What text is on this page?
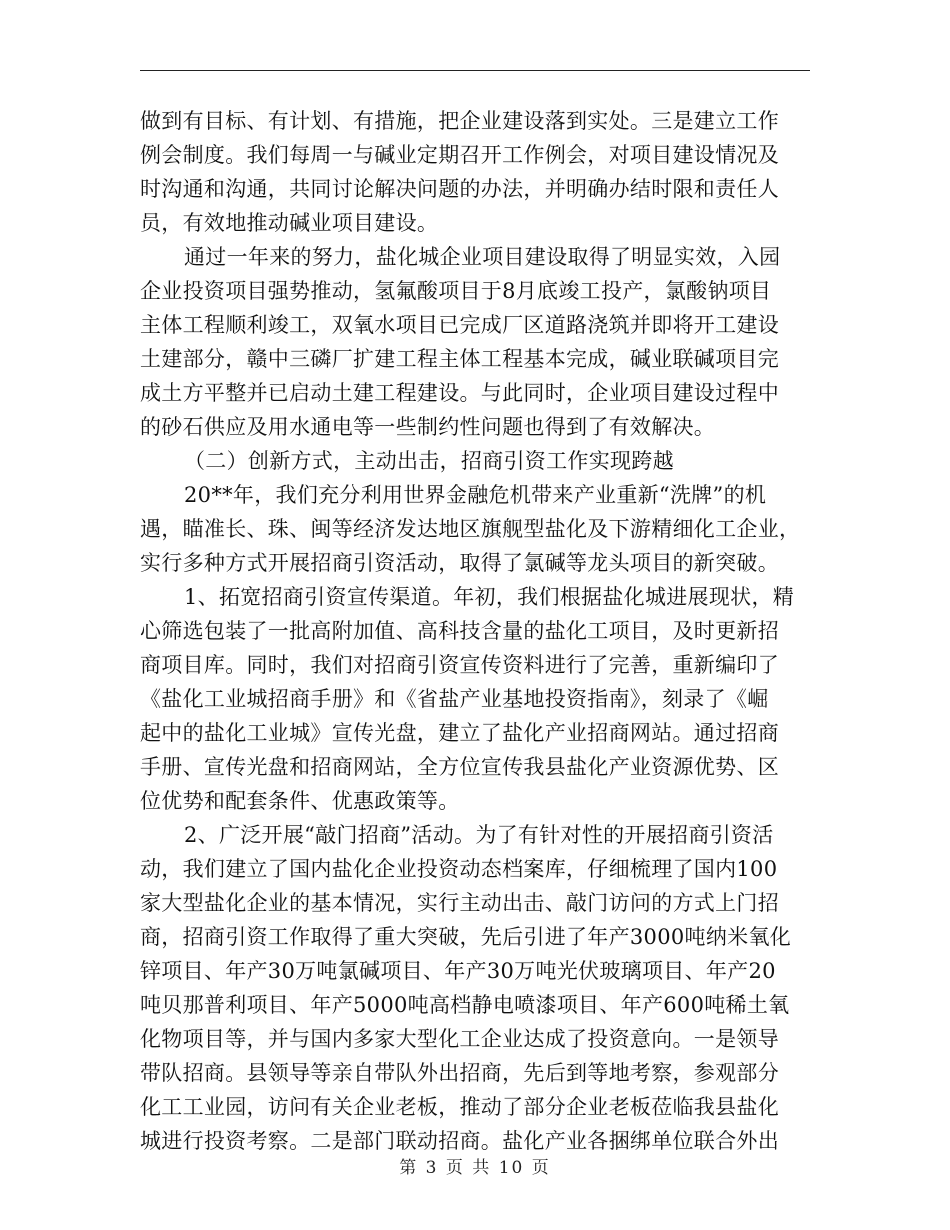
做到有目标、有计划、有措施，把企业建设落到实处。三是建立工作

例会制度。我们每周一与碱业定期召开工作例会，对项目建设情况及

时沟通和沟通，共同讨论解决问题的办法，并明确办结时限和责任人

员，有效地推动碱业项目建设。

通过一年来的努力，盐化城企业项目建设取得了明显实效，入园

企业投资项目强势推动，氢氟酸项目于8月底竣工投产，氯酸钠项目

主体工程顺利竣工，双氧水项目已完成厂区道路浇筑并即将开工建设

土建部分，赣中三磷厂扩建工程主体工程基本完成，碱业联碱项目完

成土方平整并已启动土建工程建设。与此同时，企业项目建设过程中

的砂石供应及用水通电等一些制约性问题也得到了有效解决。

（二）创新方式，主动出击，招商引资工作实现跨越

20**年，我们充分利用世界金融危机带来产业重新“洗牌”的机

遇，瞄准长、珠、闽等经济发达地区旗舰型盐化及下游精细化工企业，

实行多种方式开展招商引资活动，取得了氯碱等龙头项目的新突破。

1、拓宽招商引资宣传渠道。年初，我们根据盐化城进展现状，精

心筛选包装了一批高附加值、高科技含量的盐化工项目，及时更新招

商项目库。同时，我们对招商引资宣传资料进行了完善，重新编印了

《盐化工业城招商手册》和《省盐产业基地投资指南》，刻录了《崛

起中的盐化工业城》宣传光盘，建立了盐化产业招商网站。通过招商

手册、宣传光盘和招商网站，全方位宣传我县盐化产业资源优势、区

位优势和配套条件、优惠政策等。

2、广泛开展“敲门招商”活动。为了有针对性的开展招商引资活

动，我们建立了国内盐化企业投资动态档案库，仔细梳理了国内100

家大型盐化企业的基本情况，实行主动出击、敲门访问的方式上门招

商，招商引资工作取得了重大突破，先后引进了年产3000吨纳米氧化

锌项目、年产30万吨氯碱项目、年产30万吨光伏玻璃项目、年产20

吨贝那普利项目、年产5000吨高档静电喷漆项目、年产600吨稀土氧

化物项目等，并与国内多家大型化工企业达成了投资意向。一是领导

带队招商。县领导等亲自带队外出招商，先后到等地考察，参观部分

化工工业园，访问有关企业老板，推动了部分企业老板莅临我县盐化

城进行投资考察。二是部门联动招商。盐化产业各捆绑单位联合外出

第 3 页 共 10 页
